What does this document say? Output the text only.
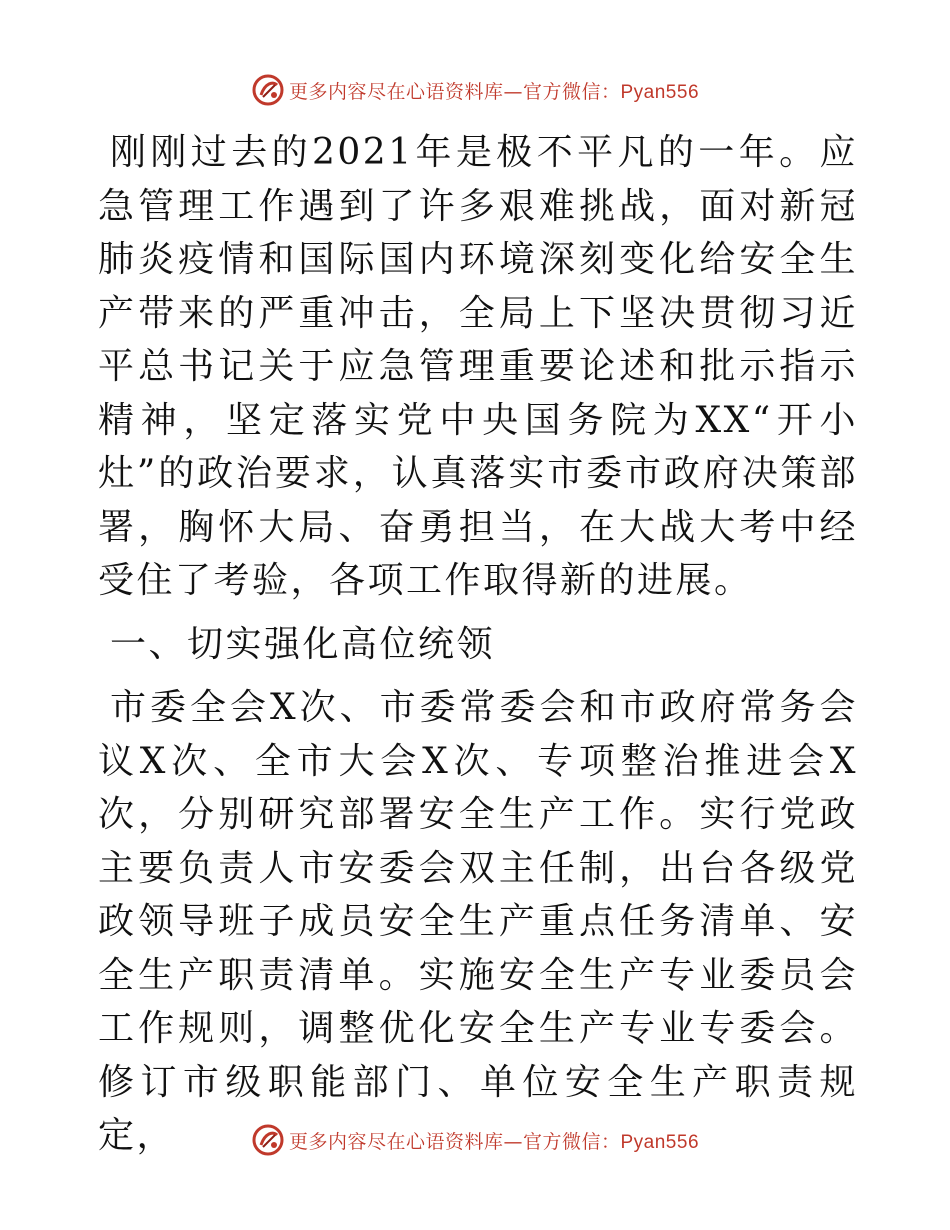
更多内容尽在心语资料库—官方微信：Pyan556

刚刚过去的2021年是极不平凡的一年。应急管理工作遇到了许多艰难挑战，面对新冠肺炎疫情和国际国内环境深刻变化给安全生产带来的严重冲击，全局上下坚决贯彻习近平总书记关于应急管理重要论述和批示指示精神，坚定落实党中央国务院为XX“开小灶”的政治要求，认真落实市委市政府决策部署，胸怀大局、奋勇担当，在大战大考中经受住了考验，各项工作取得新的进展。

一、切实强化高位统领

市委全会X次、市委常委会和市政府常务会议X次、全市大会X次、专项整治推进会X次，分别研究部署安全生产工作。实行党政主要负责人市安委会双主任制，出台各级党政领导班子成员安全生产重点任务清单、安全生产职责清单。实施安全生产专业委员会工作规则，调整优化安全生产专业专委会。修订市级职能部门、单位安全生产职责规定，	更多内容尽在心语资料库—官方微信：Pyan556
